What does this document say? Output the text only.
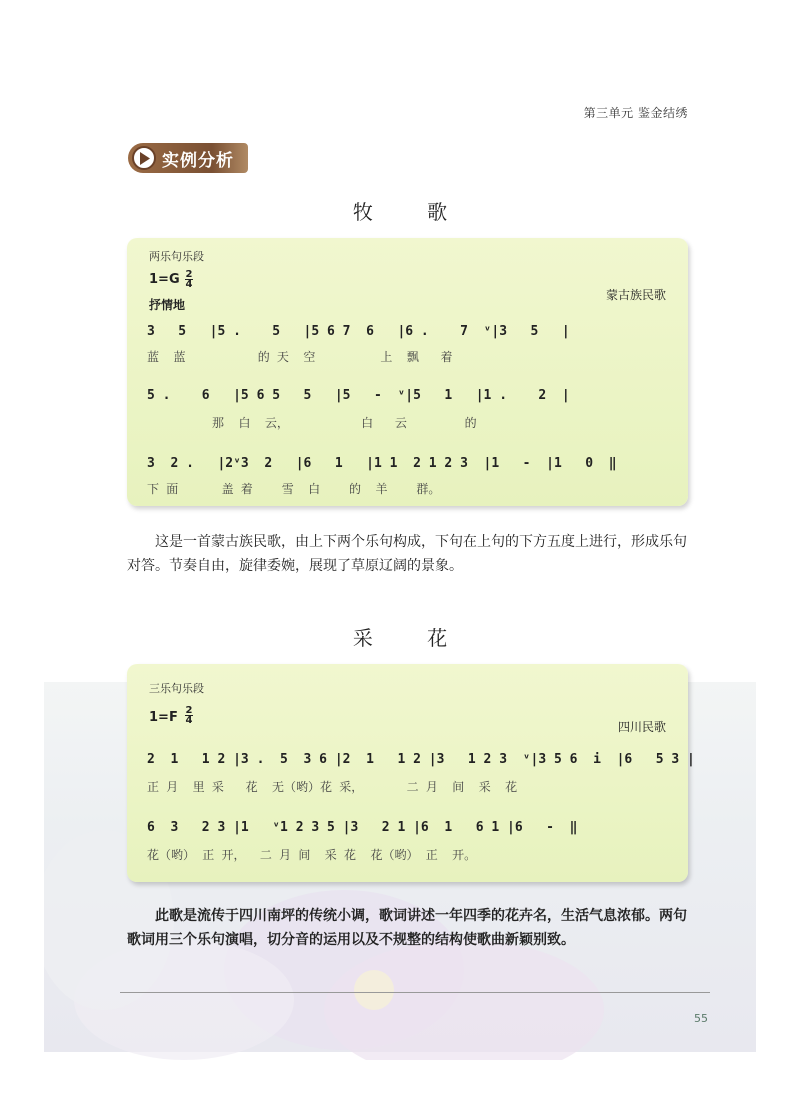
第三单元 鉴金结绣
实例分析
牧 歌
两乐句乐段
1=G 2
4
抒情地
蒙古族民歌
3   5   |5 .    5   |5 6 7  6   |6 .    7  ᵛ|3   5   |
蓝  蓝          的 天  空         上  飘   着
5 .    6   |5 6 5   5   |5   -  ᵛ|5   1   |1 .    2  |
那  白  云，          白   云        的
3  2 .   |2ᵛ3  2   |6   1   |1 1  2 1 2 3  |1   -  |1   0  ‖
下 面      盖 着    雪  白    的  羊    群。
这是一首蒙古族民歌，由上下两个乐句构成，下句在上句的下方五度上进行，形成乐句对答。节奏自由，旋律委婉，展现了草原辽阔的景象。
采 花
三乐句乐段
1=F 2
4	四川民歌
2  1   1 2 |3 .  5  3 6 |2  1   1 2 |3   1 2 3  ᵛ|3 5 6  i  |6   5 3 |
正 月  里 采   花  无（哟）花 采，      二 月  间  采  花
6  3   2 3 |1   ᵛ1 2 3 5 |3   2 1 |6  1   6 1 |6   -  ‖
花（哟） 正 开，  二 月 间  采 花  花（哟） 正  开。
此歌是流传于四川南坪的传统小调，歌词讲述一年四季的花卉名，生活气息浓郁。两句歌词用三个乐句演唱，切分音的运用以及不规整的结构使歌曲新颖别致。
55
